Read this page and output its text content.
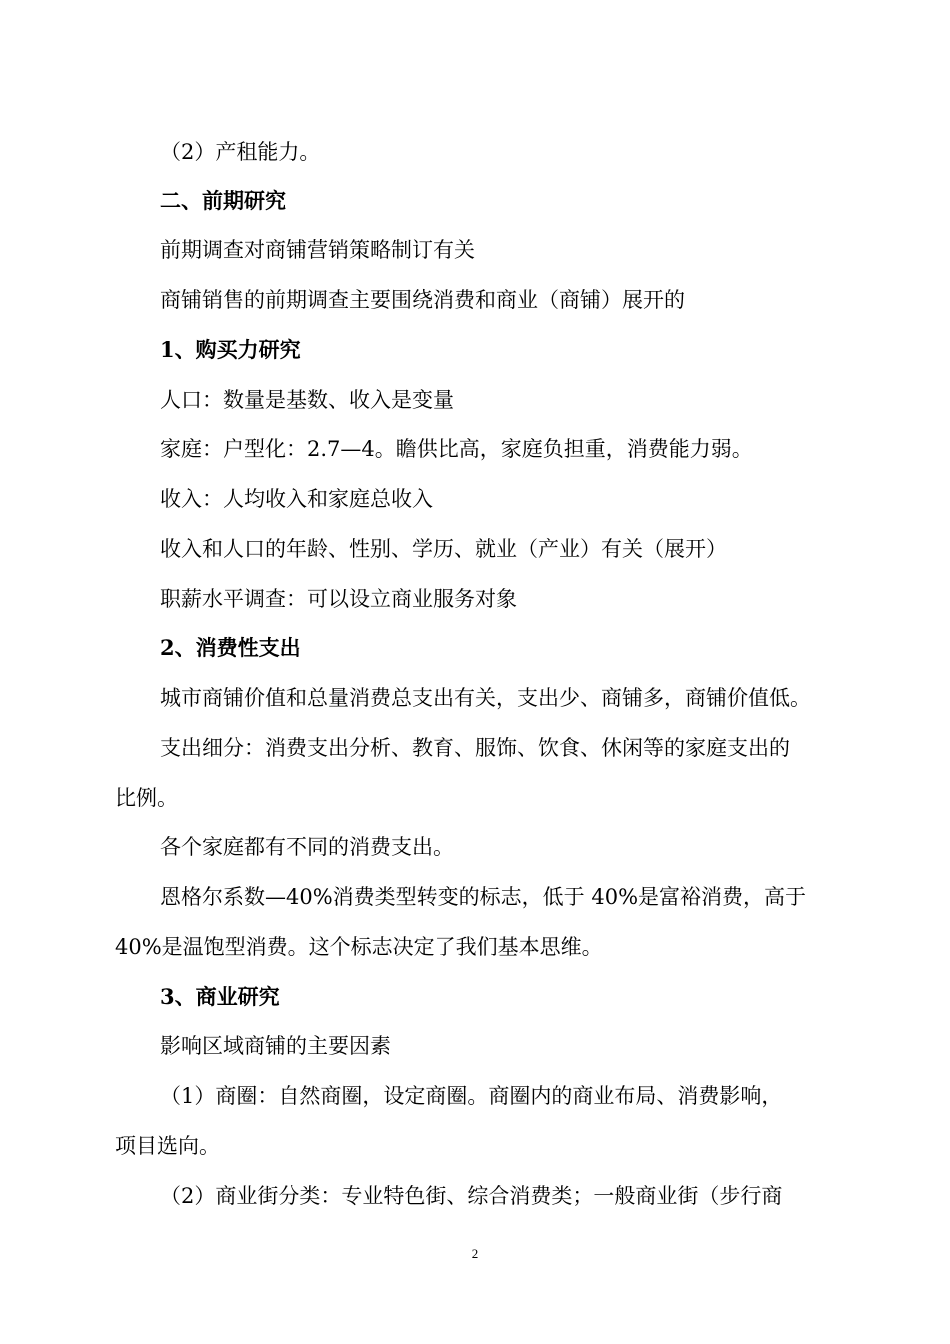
（2）产租能力。
二、前期研究
前期调查对商铺营销策略制订有关
商铺销售的前期调查主要围绕消费和商业（商铺）展开的
1、购买力研究
人口：数量是基数、收入是变量
家庭：户型化：2.7—4。瞻供比高，家庭负担重，消费能力弱。
收入：人均收入和家庭总收入
收入和人口的年龄、性别、学历、就业（产业）有关（展开）
职薪水平调查：可以设立商业服务对象
2、消费性支出
城市商铺价值和总量消费总支出有关，支出少、商铺多，商铺价值低。
支出细分：消费支出分析、教育、服饰、饮食、休闲等的家庭支出的
比例。
各个家庭都有不同的消费支出。
恩格尔系数—40%消费类型转变的标志，低于 40%是富裕消费，高于
40%是温饱型消费。这个标志决定了我们基本思维。
3、商业研究
影响区域商铺的主要因素
（1）商圈：自然商圈，设定商圈。商圈内的商业布局、消费影响，
项目选向。
（2）商业街分类：专业特色街、综合消费类；一般商业街（步行商
2
